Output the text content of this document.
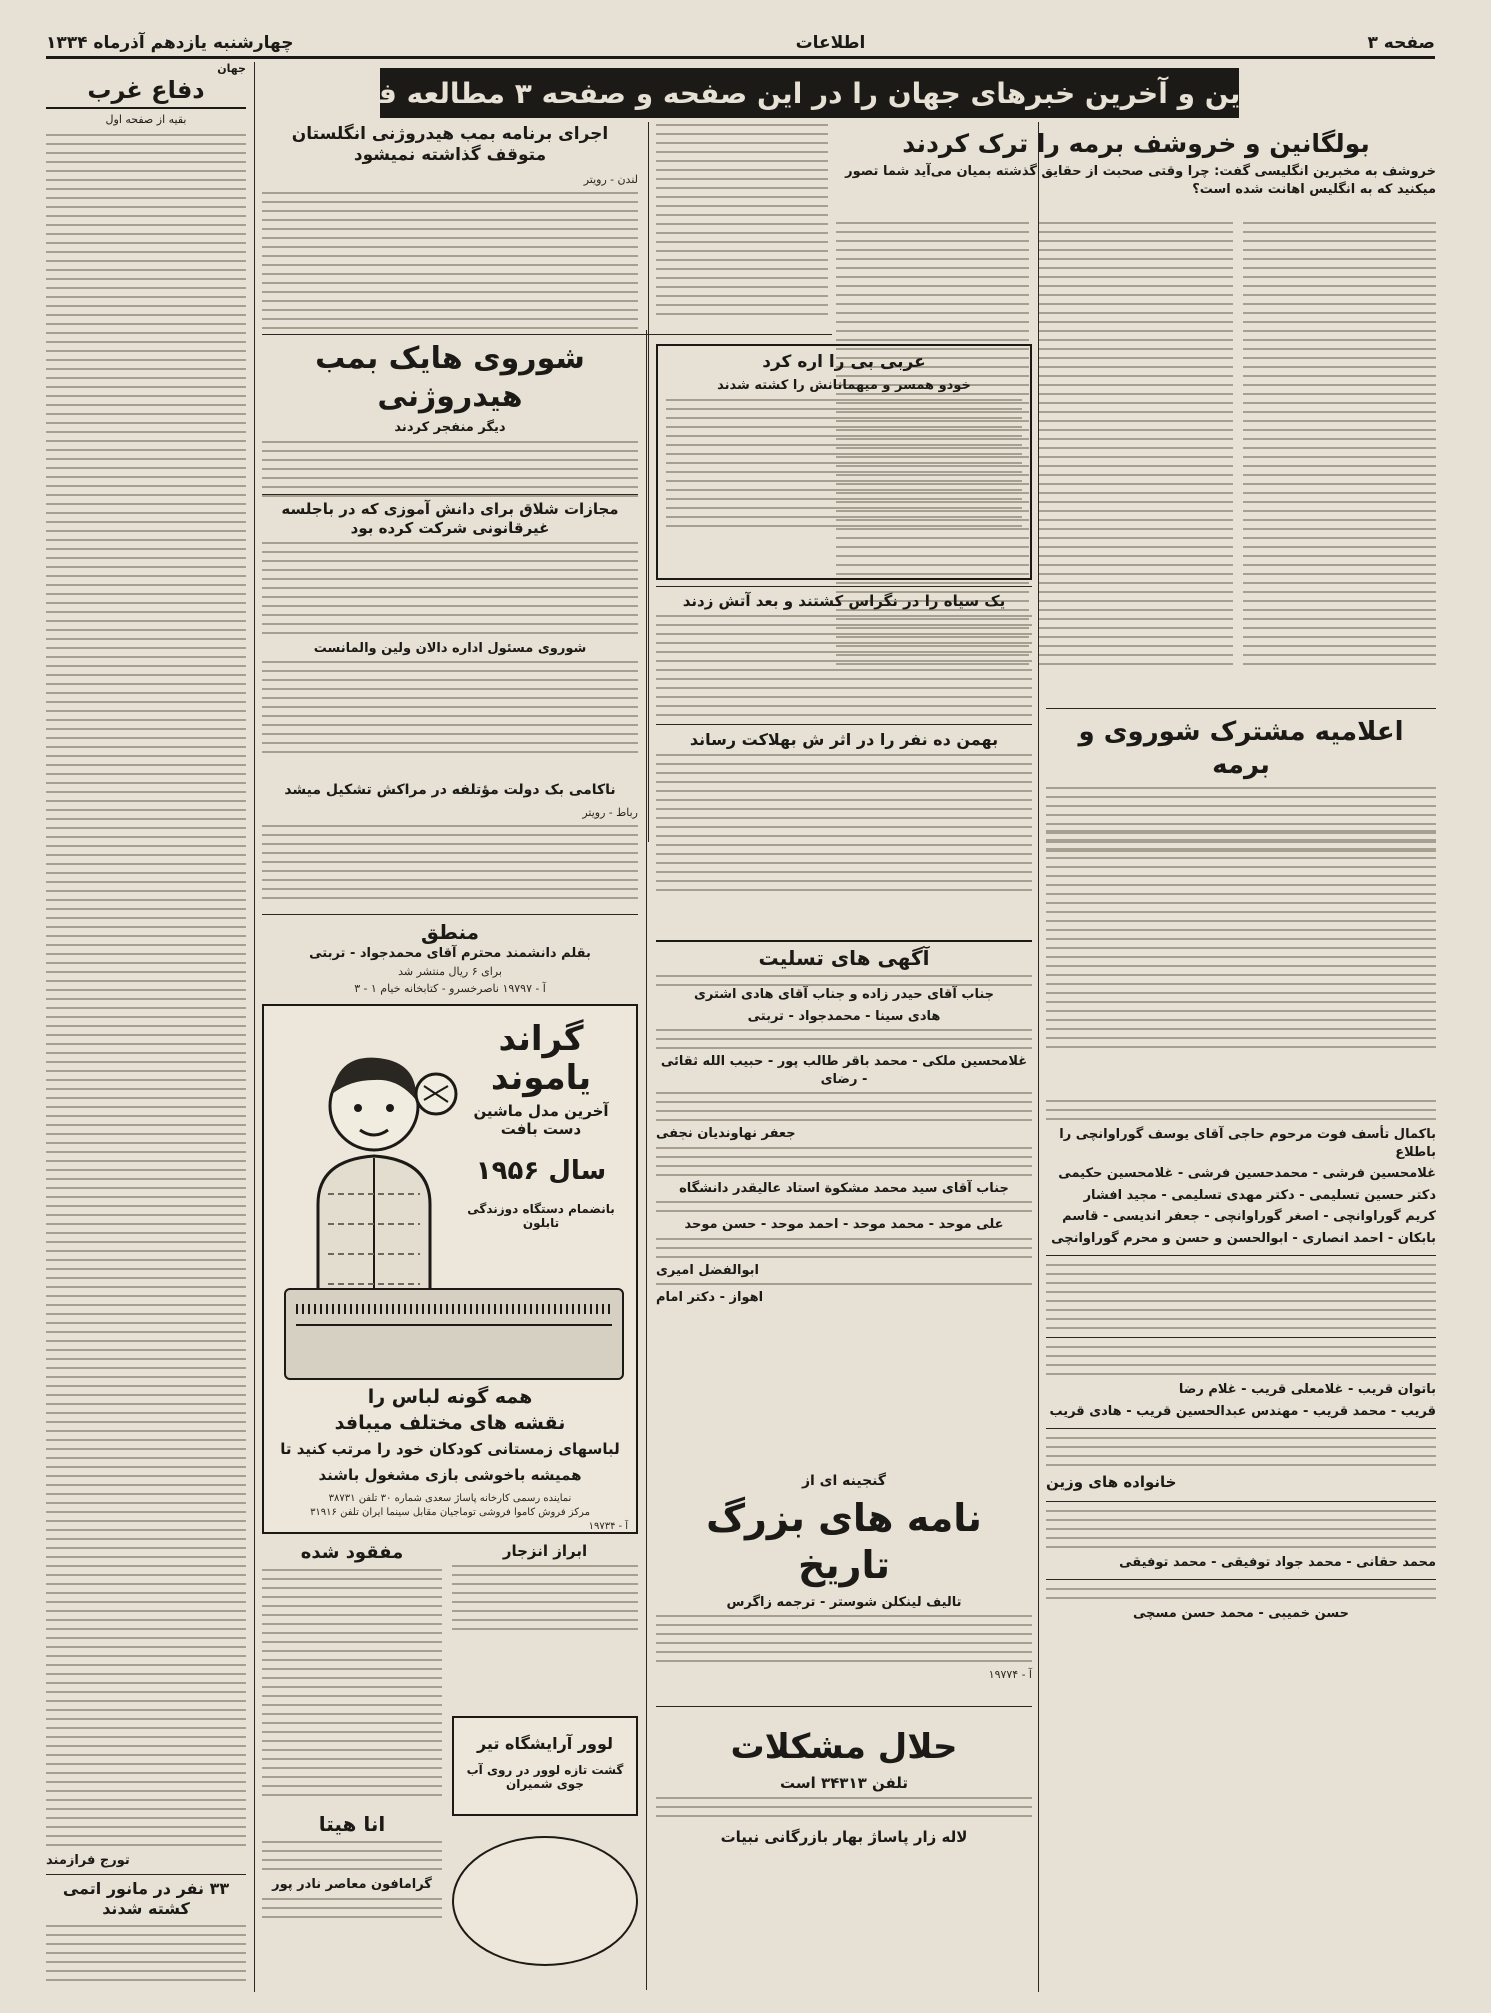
صفحه ۳
اطلاعات
چهارشنبه یازدهم آذرماه ۱۳۳۴
مهمترین و آخرین خبرهای جهان را در این صفحه و صفحه ۳ مطالعه فرمائید
جهان
دفاع غرب
بقیه از صفحه اول
تورج فرازمند
۳۳ نفر در مانور اتمی کشته شدند
بولگانین و خروشف برمه را ترک کردند
خروشف به مخبرین انگلیسی گفت: چرا وقتی صحبت از حقایق گذشته بمیان می‌آید شما تصور میکنید که به انگلیس اهانت شده است؟
اعلامیه مشترک شوروی و برمه
باکمال تأسف فوت مرحوم حاجی آقای یوسف گوراوانچی را باطلاع
غلامحسین فرشی - محمدحسین فرشی - غلامحسین حکیمی
دکتر حسین تسلیمی - دکتر مهدی تسلیمی - مجید افشار
کریم گوراوانچی - اصغر گوراوانچی - جعفر اندیسی - قاسم
بابکان - احمد انصاری - ابوالحسن و حسن و محرم گوراوانچی
باتوان قریب - غلامعلی قریب - غلام رضا
قریب - محمد قریب - مهندس عبدالحسین قریب - هادی قریب
خانواده های وزین
محمد حقانی - محمد جواد توفیقی - محمد توفیقی
حسن خمیبی - محمد حسن مسچی
اجرای برنامه بمب هیدروژنی انگلستان متوقف گذاشته نمیشود
لندن - رویتر
شوروی هایک بمب هیدروژنی
دیگر منفجر کردند
عربی بی را اره کرد
خودو همسر و میهمانانش را کشته شدند
مجازات شلاق برای دانش آموزی که در باجلسه غیرقانونی شرکت کرده بود
شوروی مسئول اداره دالان ولین والمانست
ناکامی بک دولت مؤتلفه در مراکش تشکیل میشد
رباط - رویتر
یک سیاه را در نگراس کشتند و بعد آتش زدند
بهمن ده نفر را در اثر ش بهلاکت رساند
منطق
بقلم دانشمند محترم آقای محمدجواد - تربتی
برای ۶ ریال منتشر شد
آ - ۱۹۷۹۷ ناصرخسرو - کتابخانه خیام ۱ - ۳
گراند یاموند
آخرین مدل ماشین دست بافت
سال ۱۹۵۶
بانضمام دستگاه دوزندگی تابلون
همه گونه لباس را
نقشه های مختلف میبافد
لباسهای زمستانی کودکان خود را مرتب کنید تا
همیشه باخوشی بازی مشغول باشند
نماینده رسمی کارخانه پاساژ سعدی شماره ۳۰ تلفن ۳۸۷۳۱
مرکز فروش کاموا فروشی توماجیان مقابل سینما ایران تلفن ۳۱۹۱۶
آ - ۱۹۷۳۴
ابراز انزجار
مفقود شده
لوور آرایشگاه تیر
گشت تازه لوور در روی آب جوی شمیران
انا هیتا
گرامافون معاصر نادر پور
آگهی های تسلیت
جناب آقای حیدر زاده و جناب آقای هادی اشتری
هادی سینا - محمدجواد - تربتی
غلامحسین ملکی - محمد باقر طالب پور - حبیب الله ثقائی - رضای
جعفر نهاوندیان نجفی
جناب آقای سید محمد مشکوة استاد عالیقدر دانشگاه
علی موحد - محمد موحد - احمد موحد - حسن موحد
ابوالفضل امیری
اهواز - دکتر امام
گنجینه ای از
نامه های بزرگ تاریخ
تالیف لینکلن شوستر - ترجمه زاگرس
آ - ۱۹۷۷۴
حلال مشکلات
تلفن ۳۴۳۱۳ است
لاله زار پاساژ بهار بازرگانی نبیات
